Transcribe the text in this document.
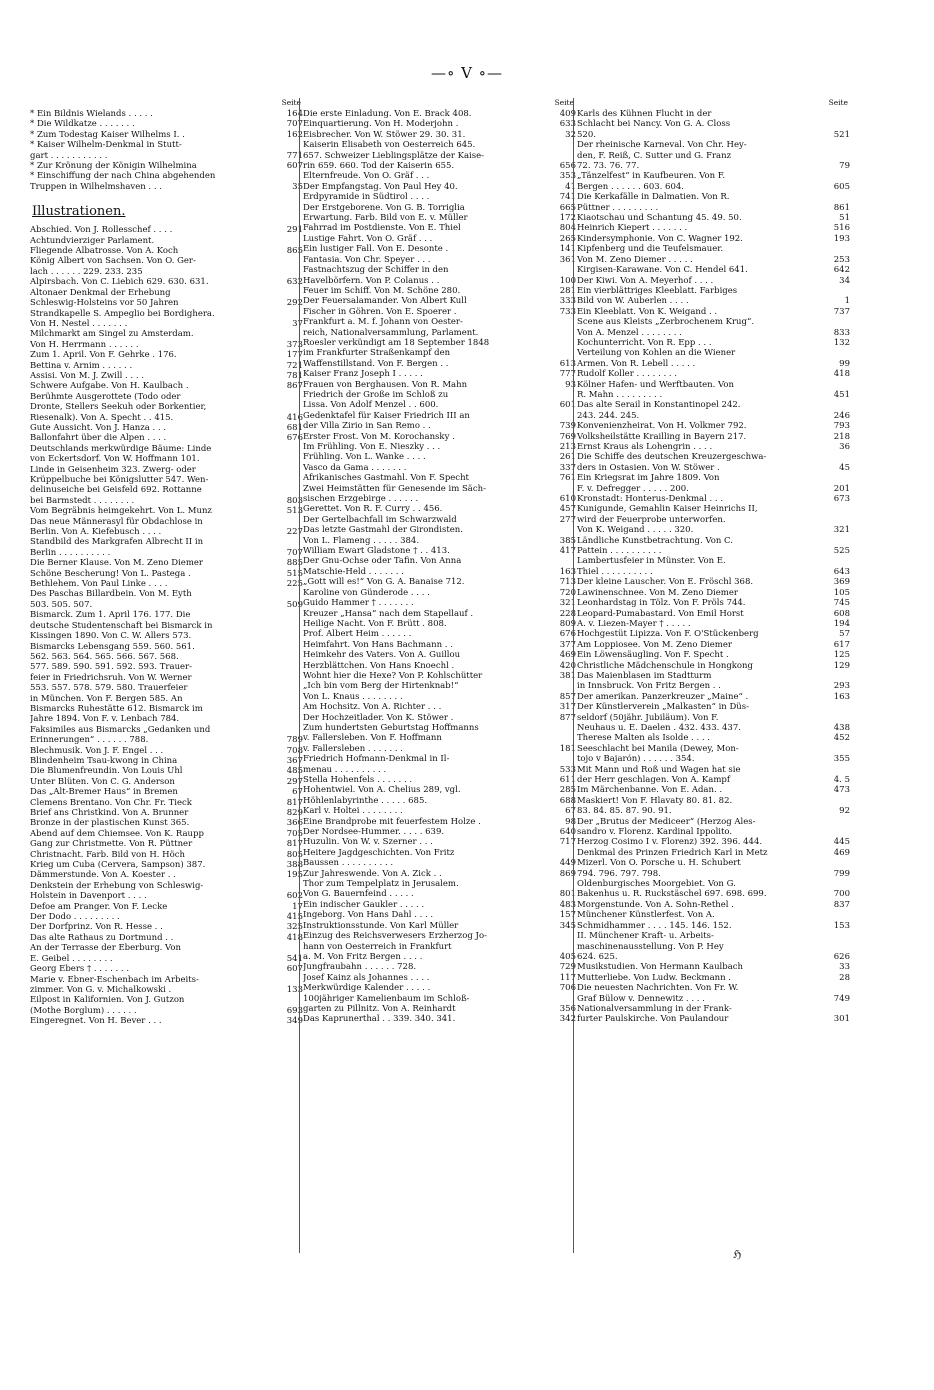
—∘ V ∘—
Seite
* Ein Bildnis Wielands . . . . .	164
* Die Wildkatze . . . . . . .	707
* Zum Todestag Kaiser Wilhelms I. .	162
* Kaiser Wilhelm-Denkmal in Stutt-
gart . . . . . . . . . . .	771
* Zur Krönung der Königin Wilhelmina	607
* Einschiffung der nach China abgehenden
Truppen in Wilhelmshaven . . .	35
Illustrationen.
Abschied. Von J. Rollesschef . . . .	291
Achtundvierziger Parlament.
Fliegende Albatrosse. Von A. Koch	865
König Albert von Sachsen. Von O. Ger-
lach . . . . . . 229. 233. 235
Alpirsbach. Von C. Liebich 629. 630. 631.	632
Altonaer Denkmal der Erhebung
Schleswig-Holsteins vor 50 Jahren	292
Strandkapelle S. Ampeglio bei Bordighera.
Von H. Nestel . . . . . . .	37
Milchmarkt am Singel zu Amsterdam.
Von H. Herrmann . . . . . .	373
Zum 1. April. Von F. Gehrke . 176.	177
Bettina v. Arnim . . . . . .	721
Assisi. Von M. J. Zwill . . . .	781
Schwere Aufgabe. Von H. Kaulbach .	867
Berühmte Ausgerottete (Todo oder
Dronte, Stellers Seekuh oder Borkentier,
Riesenalk). Von A. Specht . . 415.	416
Gute Aussicht. Von J. Hanza . . .	681
Ballonfahrt über die Alpen . . . .	676
Deutschlands merkwürdige Bäume: Linde
von Eckertsdorf. Von W. Hoffmann 101.
Linde in Geisenheim 323. Zwerg- oder
Krüppelbuche bei Königslutter 547. Wen-
delinuseiche bei Geisfeld 692. Rottanne
bei Barmstedt . . . . . . . .	803
Vom Begräbnis heimgekehrt. Von L. Munz	513
Das neue Männerasyl für Obdachlose in
Berlin. Von A. Kiefebusch . . . .	227
Standbild des Markgrafen Albrecht II in
Berlin . . . . . . . . . .	707
Die Berner Klause. Von M. Zeno Diemer	885
Schöne Bescherung! Von L. Pastega .	515
Bethlehem. Von Paul Linke . . . .	225
Des Paschas Billardbein. Von M. Eyth
503. 505. 507.	509
Bismarck. Zum 1. April 176. 177. Die
deutsche Studentenschaft bei Bismarck in
Kissingen 1890. Von C. W. Allers 573.
Bismarcks Lebensgang 559. 560. 561.
562. 563. 564. 565. 566. 567. 568.
577. 589. 590. 591. 592. 593. Trauer-
feier in Friedrichsruh. Von W. Werner
553. 557. 578. 579. 580. Trauerfeier
in München. Von F. Bergen 585. An
Bismarcks Ruhestätte 612. Bismarck im
Jahre 1894. Von F. v. Lenbach 784.
Faksimiles aus Bismarcks „Gedanken und
Erinnerungen“ . . . . . . 788.	789
Blechmusik. Von J. F. Engel . . .	708
Blindenheim Tsau-kwong in China	367
Die Blumenfreundin. Von Louis Uhl	485
Unter Blüten. Von C. G. Anderson	297
Das „Alt-Bremer Haus“ in Bremen	67
Clemens Brentano. Von Chr. Fr. Tieck	817
Brief ans Christkind. Von A. Brunner	829
Bronze in der plastischen Kunst 365.	366
Abend auf dem Chiemsee. Von K. Raupp	705
Gang zur Christmette. Von R. Püttner	817
Christnacht. Farb. Bild von H. Höch	805
Krieg um Cuba (Cervera, Sampson) 387.	388
Dämmerstunde. Von A. Koester . .	195
Denkstein der Erhebung von Schleswig-
Holstein in Davenport . . . .	602
Defoe am Pranger. Von F. Lecke	17
Der Dodo . . . . . . . . .	415
Der Dorfprinz. Von R. Hesse . .	325
Das alte Rathaus zu Dortmund . .	418
An der Terrasse der Eberburg. Von
E. Geibel . . . . . . . .	541
Georg Ebers † . . . . . . .	607
Marie v. Ebner-Eschenbach im Arbeits-
zimmer. Von G. v. Michalkowski .	133
Eilpost in Kalifornien. Von J. Gutzon
(Mothe Borglum) . . . . . .	693
Eingeregnet. Von H. Bever . . .	349
Seite
Die erste Einladung. Von E. Brack 408.	409
Einquartierung. Von H. Moderjohn .	633
Eisbrecher. Von W. Stöwer 29. 30. 31.	32
Kaiserin Elisabeth von Oesterreich 645.
657. Schweizer Lieblingsplätze der Kaise-
rin 659. 660. Tod der Kaiserin 655.	656
Elternfreude. Von O. Gräf . . .	353
Der Empfangstag. Von Paul Hey 40.	41
Erdpyramide in Südtirol . . . .	741
Der Erstgeborene. Von G. B. Torriglia	665
Erwartung. Farb. Bild von E. v. Müller	172
Fahrrad im Postdienste. Von E. Thiel	804
Lustige Fahrt. Von O. Gräf . . .	265
Ein lustiger Fall. Von E. Desonte .	141
Fantasia. Von Chr. Speyer . . .	361
Fastnachtszug der Schiffer in den
Havelbörfern. Von P. Colanus . .	100
Feuer im Schiff. Von M. Schöne 280.	281
Der Feuersalamander. Von Albert Kull	333
Fischer in Göhren. Von E. Spoerer .	733
Frankfurt a. M. f. Johann von Oester-
reich, Nationalversammlung, Parlament.
Roesler verkündigt am 18 September 1848
im Frankfurter Straßenkampf den
Waffenstillstand. Von F. Bergen . .	613
Kaiser Franz Joseph I . . . . .	777
Frauen von Berghausen. Von R. Mahn	93
Friedrich der Große im Schloß zu
Lissa. Von Adolf Menzel . . 600.	601
Gedenktafel für Kaiser Friedrich III an
der Villa Zirio in San Remo . .	739
Erster Frost. Von M. Korochansky .	769
Im Frühling. Von E. Nieszky . . .	213
Frühling. Von L. Wanke . . . .	261
Vasco da Gama . . . . . . .	337
Afrikanisches Gastmahl. Von F. Specht	761
Zwei Heimstätten für Genesende im Säch-
sischen Erzgebirge . . . . . .	610
Gerettet. Von R. F. Curry . . 456.	457
Der Gertelbachfall im Schwarzwald	277
Das letzte Gastmahl der Girondisten.
Von L. Flameng . . . . . 384.	385
William Ewart Gladstone † . . 413.	417
Der Gnu-Ochse oder Tafin. Von Anna
Matschie-Held . . . . . . .	163
„Gott will es!“ Von G. A. Banaise 712.	713
Karoline von Günderode . . . .	720
Guido Hammer † . . . . . . .	321
Kreuzer „Hansa“ nach dem Stapellauf .	228
Heilige Nacht. Von F. Brütt . 808.	809
Prof. Albert Heim . . . . . .	676
Heimfahrt. Von Hans Bachmann . .	377
Heimkehr des Vaters. Von A. Guillou	469
Herzblättchen. Von Hans Knoechl .	420
Wohnt hier die Hexe? Von P. Kohlschütter	381
„Ich bin vom Berg der Hirtenknab!“
Von L. Knaus . . . . . . . .	857
Am Hochsitz. Von A. Richter . . .	317
Der Hochzeitlader. Von K. Stöwer .	877
Zum hundertsten Geburtstag Hoffmanns
v. Fallersleben. Von F. Hoffmann
v. Fallersleben . . . . . . .	181
Friedrich Hofmann-Denkmal in Il-
menau . . . . . . . . . .	533
Stella Hohenfels . . . . . . .	611
Hohentwiel. Von A. Chelius 289, vgl.	285
Höhlenlabyrinthe . . . . . 685.	688
Karl v. Holtei . . . . . . . .	67
Eine Brandprobe mit feuerfestem Holze .	98
Der Nordsee-Hummer. . . . . 639.	640
Huzulin. Von W. v. Szerner . . .	717
Heitere Jagdgeschichten. Von Fritz
Baussen . . . . . . . . . .	449
Zur Jahreswende. Von A. Zick . .	869
Thor zum Tempelplatz in Jerusalem.
Von G. Bauernfeind . . . . .	801
Ein indischer Gaukler . . . . .	483
Ingeborg. Von Hans Dahl . . . .	157
Instruktionsstunde. Von Karl Müller	345
Einzug des Reichsverwesers Erzherzog Jo-
hann von Oesterreich in Frankfurt
a. M. Von Fritz Bergen . . . .	405
Jungfraubahn . . . . . . 728.	729
Josef Kainz als Johannes . . . .	117
Merkwürdige Kalender . . . . .	706
100jähriger Kamelienbaum im Schloß-
garten zu Pillnitz. Von A. Reinhardt	356
Das Kaprunerthal . . 339. 340. 341.	342
Seite
Karls des Kühnen Flucht in der
Schlacht bei Nancy. Von G. A. Closs
520.	521
Der rheinische Karneval. Von Chr. Hey-
den, F. Reiß, C. Sutter und G. Franz
72. 73. 76. 77.	79
„Tänzelfest“ in Kaufbeuren. Von F.
Bergen . . . . . . 603. 604.	605
Die Kerkafälle in Dalmatien. Von R.
Püttner . . . . . . . . .	861
Kiaotschau und Schantung 45. 49. 50.	51
Heinrich Kiepert . . . . . . .	516
Kindersymphonie. Von C. Wagner 192.	193
Kipfenberg und die Teufelsmauer.
Von M. Zeno Diemer . . . . .	253
Kirgisen-Karawane. Von C. Hendel 641.	642
Der Kiwi. Von A. Meyerhof . . . .	34
Ein vierblättriges Kleeblatt. Farbiges
Bild von W. Auberlen . . . .	1
Ein Kleeblatt. Von K. Weigand . .	737
Scene aus Kleists „Zerbrochenem Krug“.
Von A. Menzel . . . . . . . .	833
Kochunterricht. Von R. Epp . . .	132
Verteilung von Kohlen an die Wiener
Armen. Von R. Lebell . . . . .	99
Rudolf Koller . . . . . . . .	418
Kölner Hafen- und Werftbauten. Von
R. Mahn . . . . . . . . .	451
Das alte Serail in Konstantinopel 242.
243. 244. 245.	246
Konvenienzheirat. Von H. Volkmer 792.	793
Volksheilstätte Krailling in Bayern 217.	218
Ernst Kraus als Lohengrin . . . .	36
Die Schiffe des deutschen Kreuzergeschwa-
ders in Ostasien. Von W. Stöwer .	45
Ein Kriegsrat im Jahre 1809. Von
F. v. Defregger . . . . . 200.	201
Kronstadt: Honterus-Denkmal . . .	673
Kunigunde, Gemahlin Kaiser Heinrichs II,
wird der Feuerprobe unterworfen.
Von K. Weigand . . . . . 320.	321
Ländliche Kunstbetrachtung. Von C.
Pattein . . . . . . . . . .	525
Lambertusfeier in Münster. Von E.
Thiel . . . . . . . . . .	643
Der kleine Lauscher. Von E. Fröschl 368.	369
Lawinenschnee. Von M. Zeno Diemer	105
Leonhardstag in Tölz. Von F. Pröls 744.	745
Leopard-Pumabastard. Von Emil Horst	608
A. v. Liezen-Mayer † . . . . .	194
Hochgestüt Lipizza. Von F. O'Stückenberg	57
Am Loppiosee. Von M. Zeno Diemer	617
Ein Löwensäugling. Von F. Specht .	125
Christliche Mädchenschule in Hongkong	129
Das Maienblasen im Stadtturm
in Innsbruck. Von Fritz Bergen . .	293
Der amerikan. Panzerkreuzer „Maine“ .	163
Der Künstlerverein „Malkasten“ in Düs-
seldorf (50jähr. Jubiläum). Von F.
Neuhaus u. E. Daelen . 432. 433. 437.	438
Therese Malten als Isolde . . . .	452
Seeschlacht bei Manila (Dewey, Mon-
tojo v Bajarón) . . . . . . 354.	355
Mit Mann und Roß und Wagen hat sie
der Herr geschlagen. Von A. Kampf	4. 5
Im Märchenbanne. Von E. Adan. .	473
Maskiert! Von F. Hlavaty 80. 81. 82.
83. 84. 85. 87. 90. 91.	92
Der „Brutus der Mediceer“ (Herzog Ales-
sandro v. Florenz. Kardinal Ippolito.
Herzog Cosimo I v. Florenz) 392. 396. 444.	445
Denkmal des Prinzen Friedrich Karl in Metz	469
Mizerl. Von O. Porsche u. H. Schubert
794. 796. 797. 798.	799
Oldenburgisches Moorgebiet. Von G.
Bakenhus u. R. Ruckstäschel 697. 698. 699.	700
Morgenstunde. Von A. Sohn-Rethel .	837
Münchener Künstlerfest. Von A.
Schmidhammer . . . . 145. 146. 152.	153
II. Münchener Kraft- u. Arbeits-
maschinenausstellung. Von P. Hey
624. 625.	626
Musikstudien. Von Hermann Kaulbach	33
Mutterliebe. Von Ludw. Beckmann .	28
Die neuesten Nachrichten. Von Fr. W.
Graf Bülow v. Dennewitz . . . .	749
Nationalversammlung in der Frank-
furter Paulskirche. Von Paulandour	301
ℌ
